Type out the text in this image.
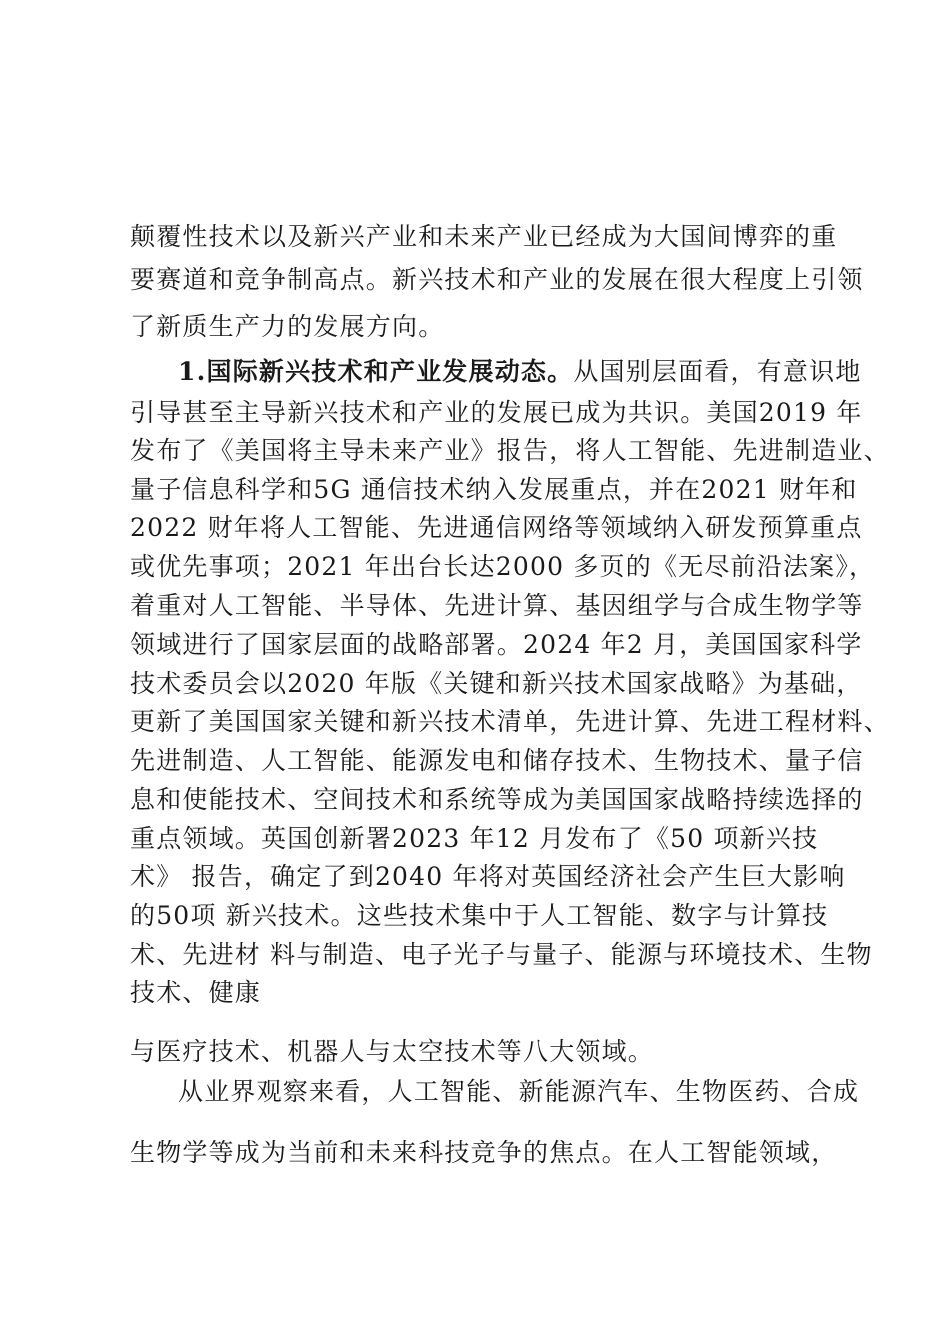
颠覆性技术以及新兴产业和未来产业已经成为大国间博弈的重
要赛道和竞争制高点。新兴技术和产业的发展在很大程度上引领
了新质生产力的发展方向。
1.国际新兴技术和产业发展动态。从国别层面看，有意识地
引导甚至主导新兴技术和产业的发展已成为共识。美国2019 年
发布了《美国将主导未来产业》报告，将人工智能、先进制造业、
量子信息科学和5G 通信技术纳入发展重点，并在2021 财年和
2022 财年将人工智能、先进通信网络等领域纳入研发预算重点
或优先事项；2021 年出台长达2000 多页的《无尽前沿法案》，
着重对人工智能、半导体、先进计算、基因组学与合成生物学等
领域进行了国家层面的战略部署。2024 年2 月，美国国家科学
技术委员会以2020 年版《关键和新兴技术国家战略》为基础，
更新了美国国家关键和新兴技术清单，先进计算、先进工程材料、
先进制造、人工智能、能源发电和储存技术、生物技术、量子信
息和使能技术、空间技术和系统等成为美国国家战略持续选择的
重点领域。英国创新署2023 年12 月发布了《50 项新兴技
术》 报告，确定了到2040 年将对英国经济社会产生巨大影响
的50项 新兴技术。这些技术集中于人工智能、数字与计算技
术、先进材 料与制造、电子光子与量子、能源与环境技术、生物
技术、健康
与医疗技术、机器人与太空技术等八大领域。
从业界观察来看，人工智能、新能源汽车、生物医药、合成
生物学等成为当前和未来科技竞争的焦点。在人工智能领域，
